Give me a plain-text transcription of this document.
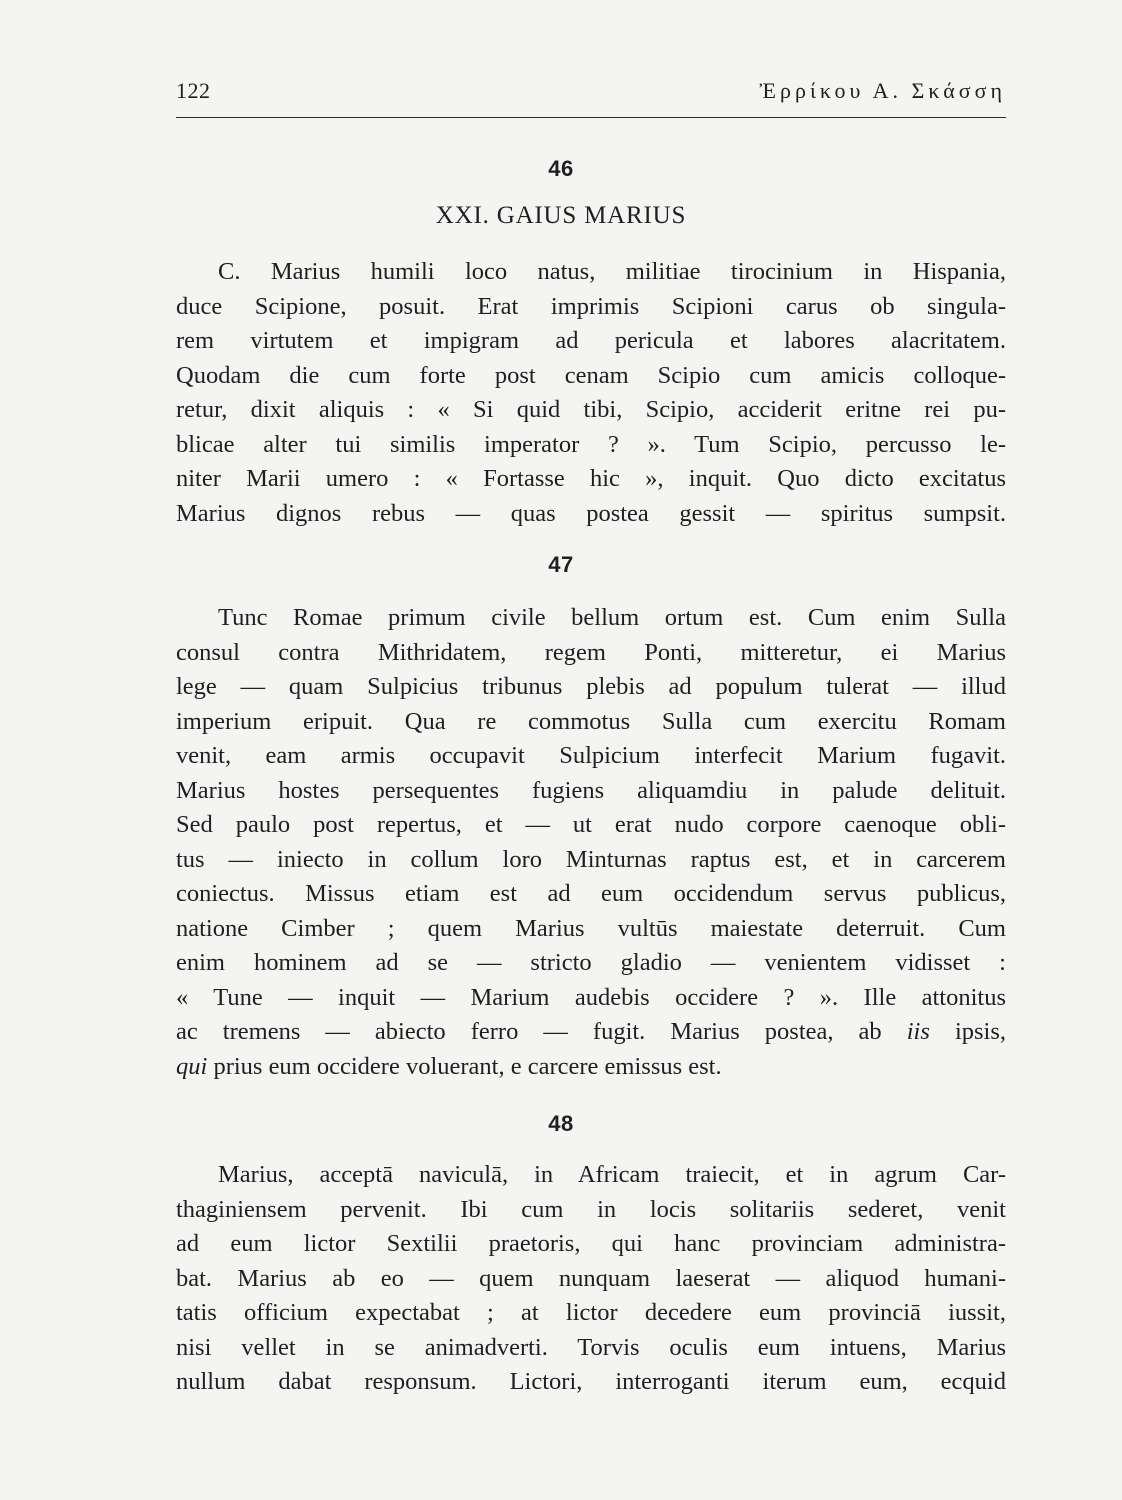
122	Ἐρρίκου Α. Σκάσση
46
XXI. GAIUS MARIUS
C. Marius humili loco natus, militiae tirocinium in Hispania,
duce Scipione, posuit. Erat imprimis Scipioni carus ob singula-
rem virtutem et impigram ad pericula et labores alacritatem.
Quodam die cum forte post cenam Scipio cum amicis colloque-
retur, dixit aliquis : « Si quid tibi, Scipio, acciderit eritne rei pu-
blicae alter tui similis imperator ? ». Tum Scipio, percusso le-
niter Marii umero : « Fortasse hic », inquit. Quo dicto excitatus
Marius dignos rebus — quas postea gessit — spiritus sumpsit.
47
Tunc Romae primum civile bellum ortum est. Cum enim Sulla
consul contra Mithridatem, regem Ponti, mitteretur, ei Marius
lege — quam Sulpicius tribunus plebis ad populum tulerat — illud
imperium eripuit. Qua re commotus Sulla cum exercitu Romam
venit, eam armis occupavit Sulpicium interfecit Marium fugavit.
Marius hostes persequentes fugiens aliquamdiu in palude delituit.
Sed paulo post repertus, et — ut erat nudo corpore caenoque obli-
tus — iniecto in collum loro Minturnas raptus est, et in carcerem
coniectus. Missus etiam est ad eum occidendum servus publicus,
natione Cimber ; quem Marius vultūs maiestate deterruit. Cum
enim hominem ad se — stricto gladio — venientem vidisset :
« Tune — inquit — Marium audebis occidere ? ». Ille attonitus
ac tremens — abiecto ferro — fugit. Marius postea, ab iis ipsis,
qui prius eum occidere voluerant, e carcere emissus est.
48
Marius, acceptā naviculā, in Africam traiecit, et in agrum Car-
thaginiensem pervenit. Ibi cum in locis solitariis sederet, venit
ad eum lictor Sextilii praetoris, qui hanc provinciam administra-
bat. Marius ab eo — quem nunquam laeserat — aliquod humani-
tatis officium expectabat ; at lictor decedere eum provinciā iussit,
nisi vellet in se animadverti. Torvis oculis eum intuens, Marius
nullum dabat responsum. Lictori, interroganti iterum eum, ecquid
